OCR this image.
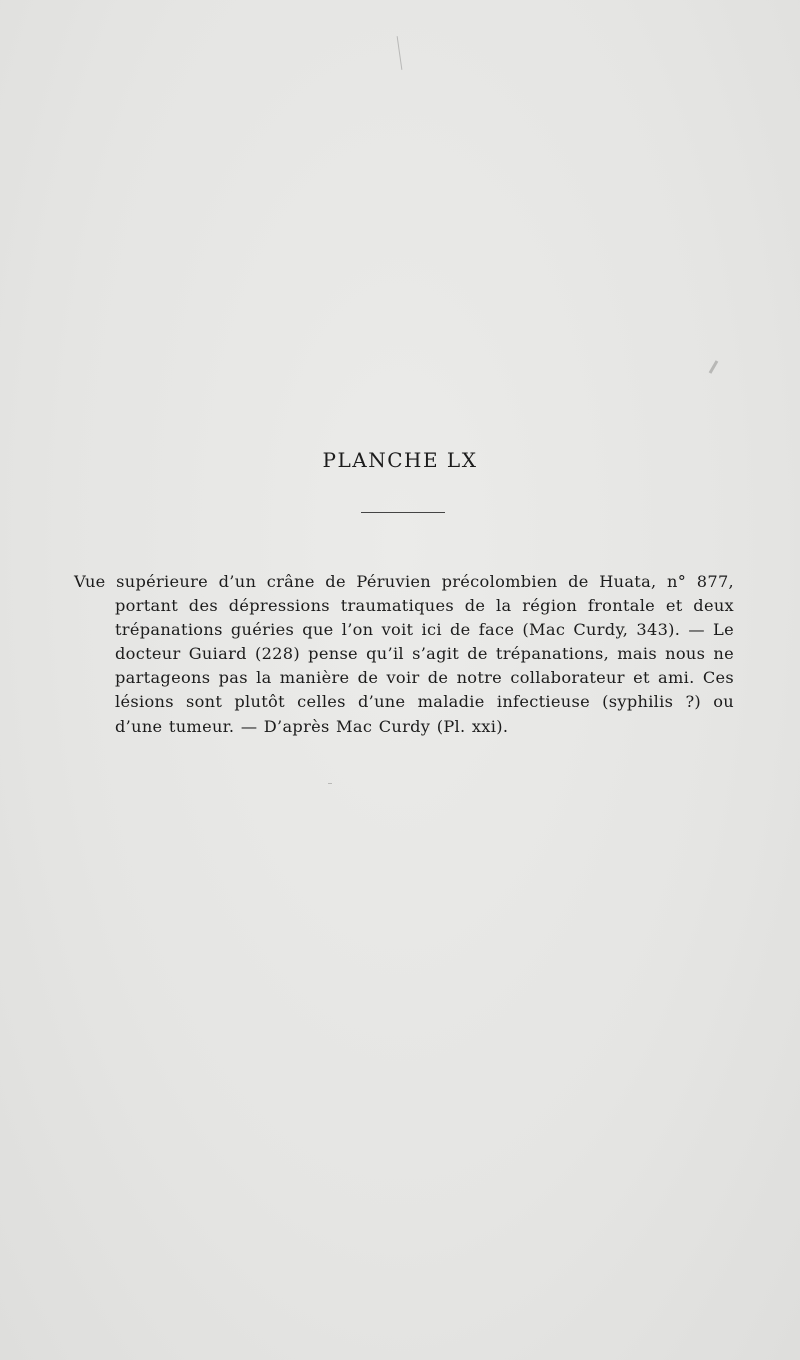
PLANCHE LX

Vue supérieure d’un crâne de Péruvien précolombien de Huata, n° 877, portant des dépressions traumatiques de la région frontale et deux trépanations guéries que l’on voit ici de face (Mac Curdy, 343). — Le docteur Guiard (228) pense qu’il s’agit de trépanations, mais nous ne partageons pas la manière de voir de notre collaborateur et ami. Ces lésions sont plutôt celles d’une maladie infectieuse (syphilis ?) ou d’une tumeur. — D’après Mac Curdy (Pl. xxi).
